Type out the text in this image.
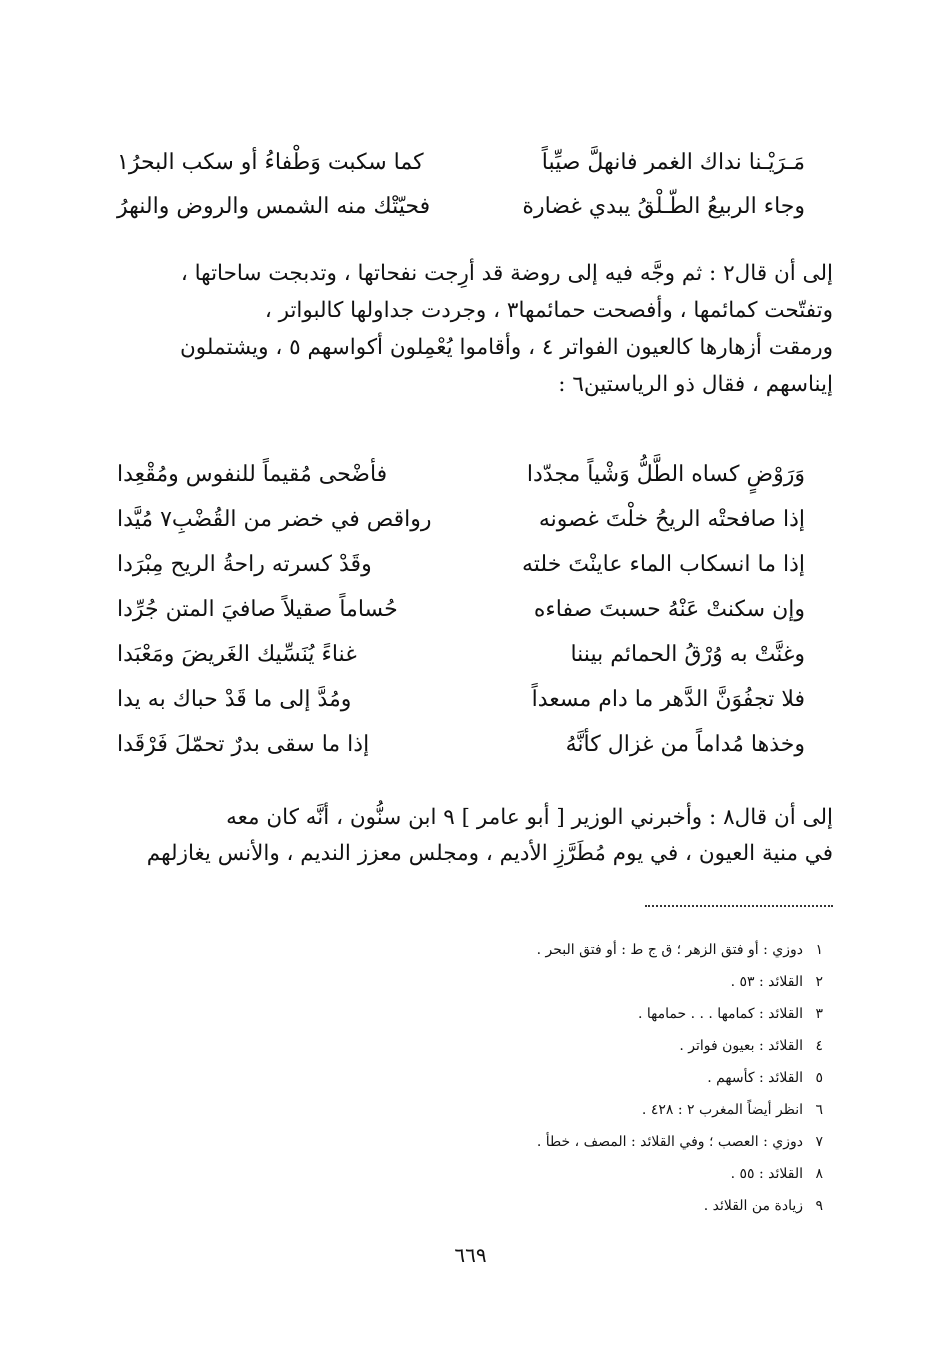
مَـرَيْـنا نداك الغمر فانهلَّ صيِّباً
كما سكبت وَطْفاءُ أو سكب البحرُ١
وجاء الربيعُ الطّـلْقُ يبدي غضارة
فحيّتْك منه الشمس والروض والنهرُ
إلى أن قال٢ : ثم وجَّه فيه إلى روضة قد أرِجت نفحاتها ، وتدبجت ساحاتها ،
وتفتّحت كمائمها ، وأفصحت حمائمها٣ ، وجردت جداولها كالبواتر ،
ورمقت أزهارها كالعيون الفواتر ٤ ، وأقاموا يُعْمِلون أكواسهم ٥ ، ويشتملون
إيناسهم ، فقال ذو الرياستين٦ :
وَرَوْضٍ كساه الطَّلُّ وَشْياً مجدّدا
فأضْحى مُقيماً للنفوس ومُقْعِدا
إذا صافحتْه الريحُ خلْتَ غصونه
رواقص في خضر من القُضْبِ٧ مُيَّدا
إذا ما انسكاب الماء عاينْتَ خلته
وقَدْ كسرته راحةُ الريح مِبْرَدا
وإن سكنتْ عَنْهُ حسبتَ صفاءه
حُساماً صقيلاً صافيَ المتن جُرِّدا
وغنَّتْ به وُرْقُ الحمائم بيننا
غناءً يُنَسِّيك الغَريضَ ومَعْبَدا
فلا تجفُوَنَّ الدَّهر ما دام مسعداً
ومُدَّ إلى ما قَدْ حباك به يدا
وخذها مُداماً من غزال كأنَّهُ
إذا ما سقى بدرٌ تحمّلَ فَرْقَدا
إلى أن قال٨ : وأخبرني الوزير [ أبو عامر ] ٩ ابن سنُّون ، أنَّه كان معه
في منية العيون ، في يوم مُطَرَّزِ الأديم ، ومجلس معزز النديم ، والأنس يغازلهم
١
دوزي : أو فتق الزهر ؛ ق ج ط : أو فتق البحر .
٢
القلائد : ٥٣ .
٣
القلائد : كمامها . . . حمامها .
٤
القلائد : بعيون فواتر .
٥
القلائد : كأسهم .
٦
انظر أيضاً المغرب ٢ : ٤٢٨ .
٧
دوزي : العصب ؛ وفي القلائد : المصف ، خطأ .
٨
القلائد : ٥٥ .
٩
زيادة من القلائد .
٦٦٩
